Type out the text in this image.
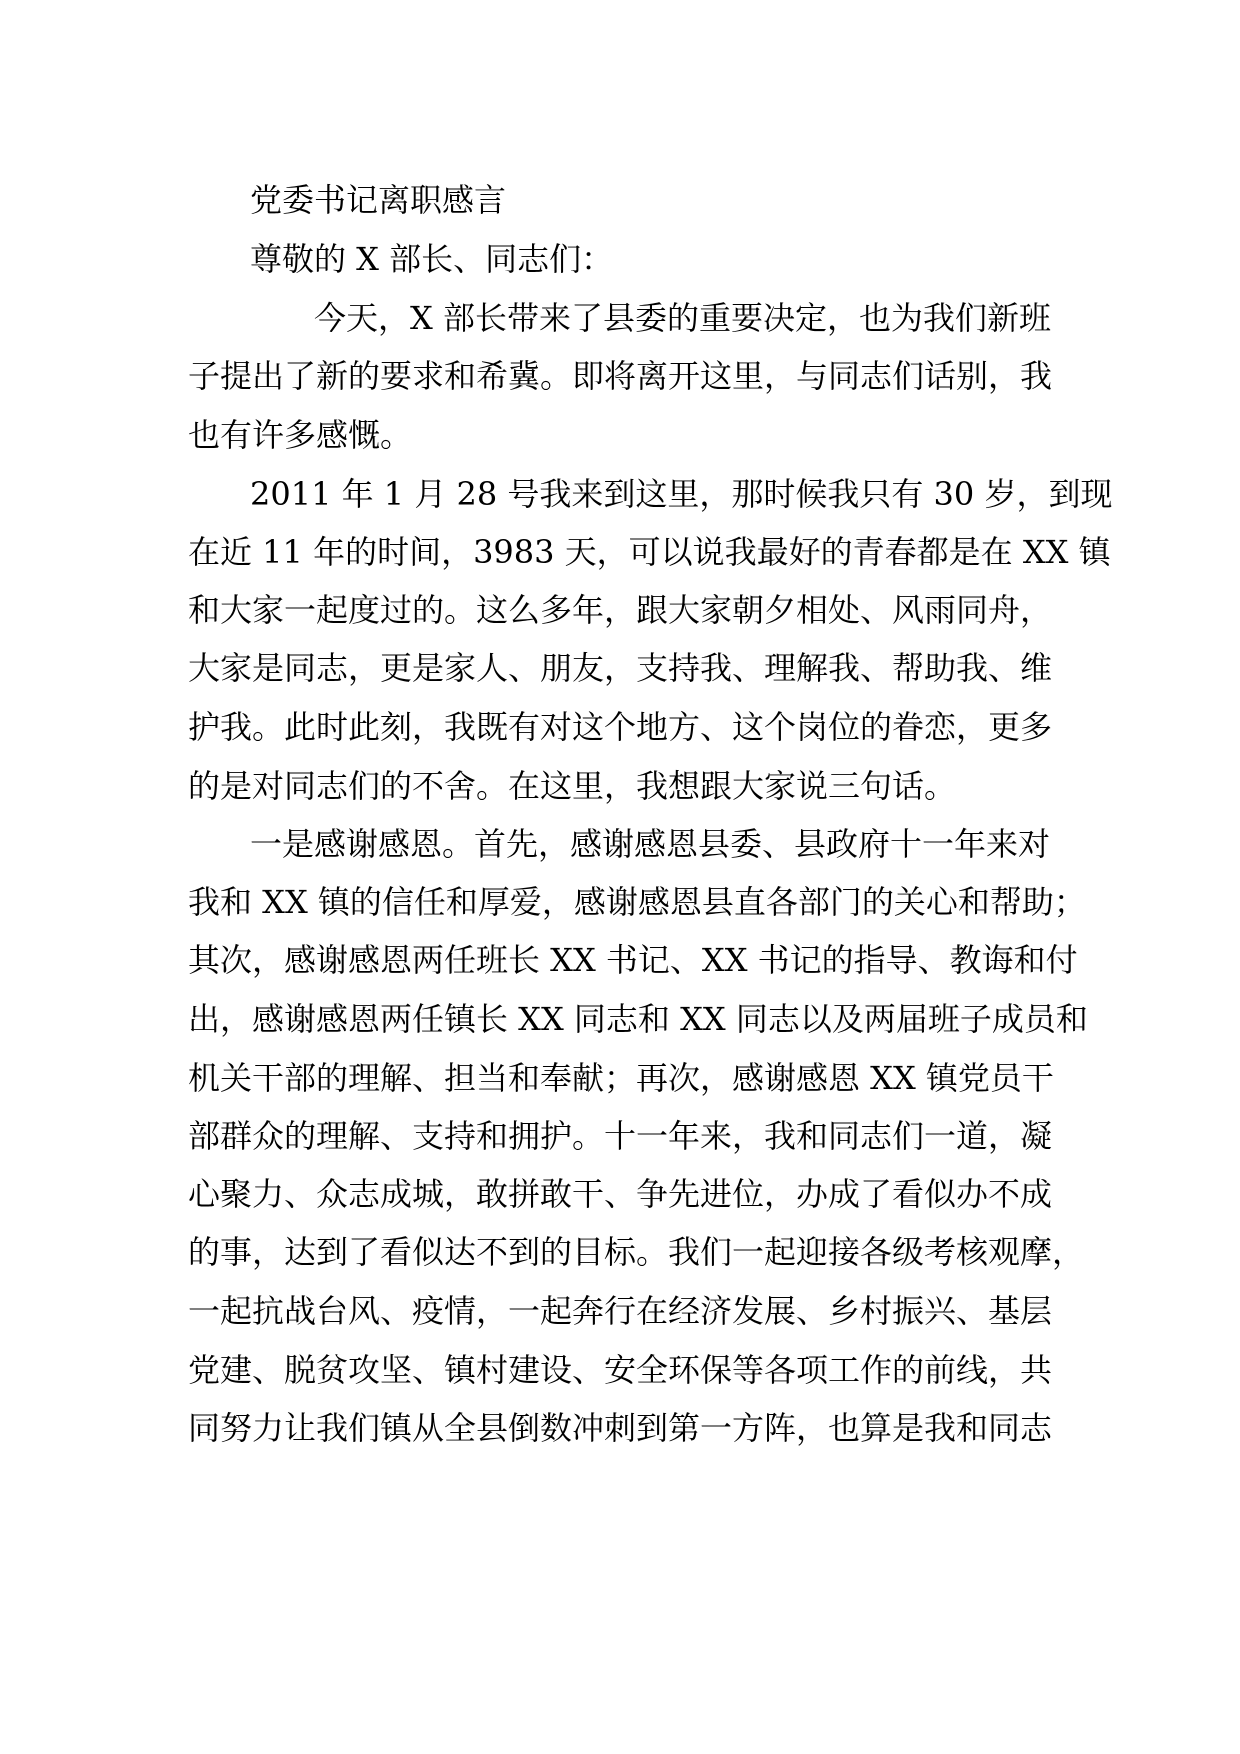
党委书记离职感言
尊敬的 X 部长、同志们：
今天，X 部长带来了县委的重要决定，也为我们新班
子提出了新的要求和希冀。即将离开这里，与同志们话别，我
也有许多感慨。
2011 年 1 月 28 号我来到这里，那时候我只有 30 岁，到现
在近 11 年的时间，3983 天，可以说我最好的青春都是在 XX 镇
和大家一起度过的。这么多年，跟大家朝夕相处、风雨同舟，
大家是同志，更是家人、朋友，支持我、理解我、帮助我、维
护我。此时此刻，我既有对这个地方、这个岗位的眷恋，更多
的是对同志们的不舍。在这里，我想跟大家说三句话。
一是感谢感恩。首先，感谢感恩县委、县政府十一年来对
我和 XX 镇的信任和厚爱，感谢感恩县直各部门的关心和帮助；
其次，感谢感恩两任班长 XX 书记、XX 书记的指导、教诲和付
出，感谢感恩两任镇长 XX 同志和 XX 同志以及两届班子成员和
机关干部的理解、担当和奉献；再次，感谢感恩 XX 镇党员干
部群众的理解、支持和拥护。十一年来，我和同志们一道，凝
心聚力、众志成城，敢拼敢干、争先进位，办成了看似办不成
的事，达到了看似达不到的目标。我们一起迎接各级考核观摩，
一起抗战台风、疫情，一起奔行在经济发展、乡村振兴、基层
党建、脱贫攻坚、镇村建设、安全环保等各项工作的前线，共
同努力让我们镇从全县倒数冲刺到第一方阵，也算是我和同志
